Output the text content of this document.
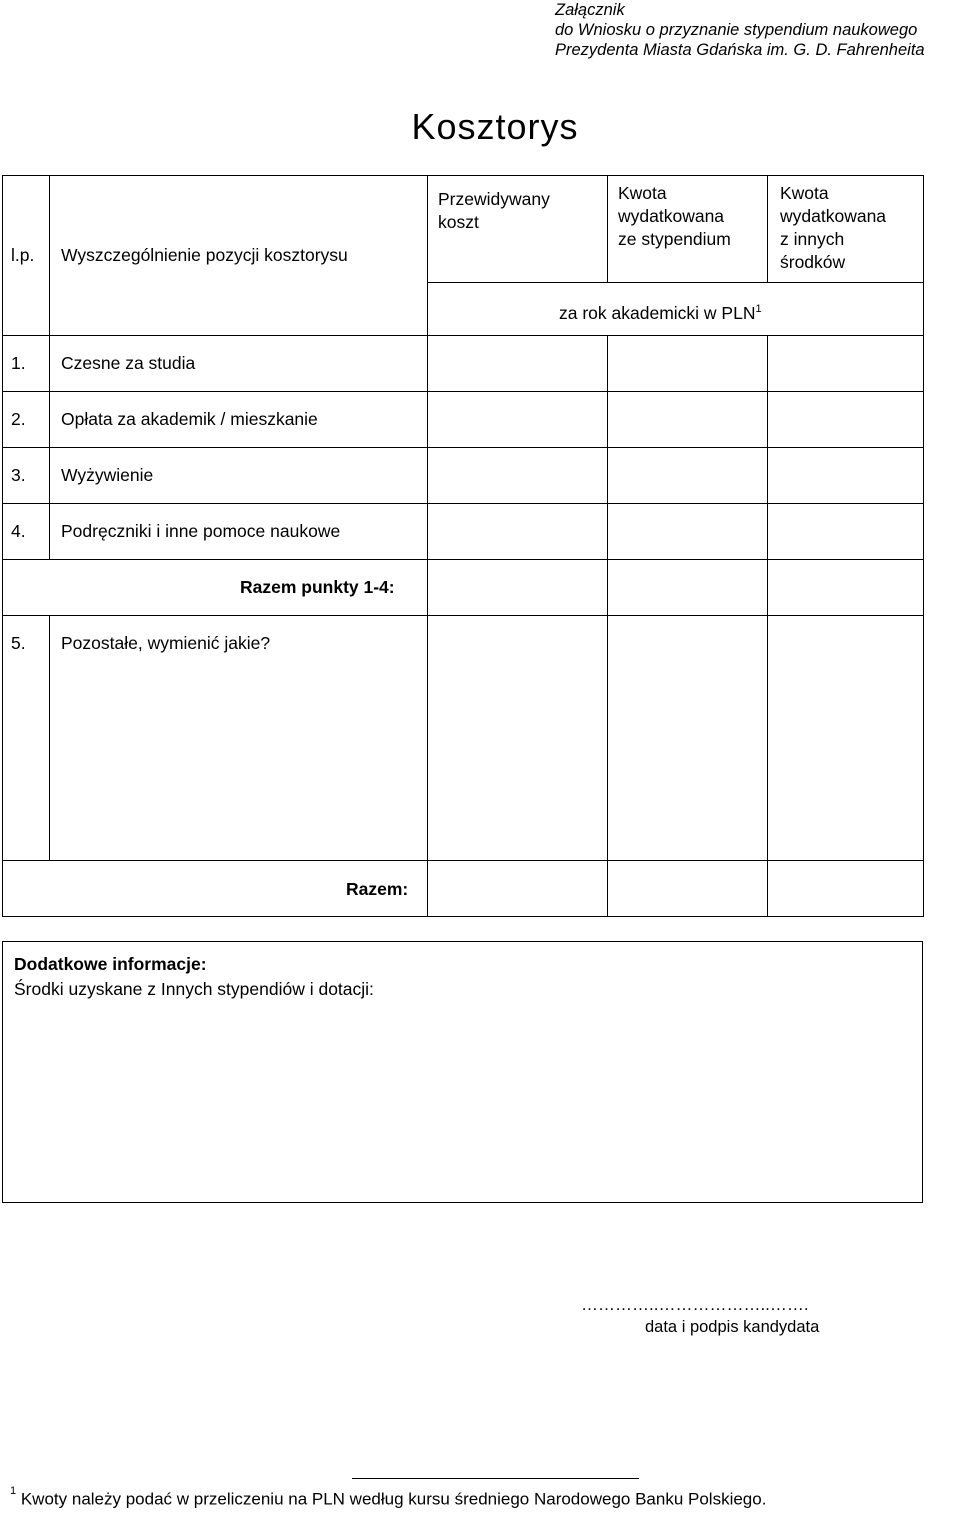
Załącznik
do Wniosku o przyznanie stypendium naukowego
Prezydenta Miasta Gdańska im. G. D. Fahrenheita
Kosztorys
l.p. Wyszczególnienie pozycji kosztorysu
Przewidywany
koszt
Kwota
wydatkowana
ze stypendium
Kwota
wydatkowana
z innych
środków
za rok akademicki w PLN$^1$
1. Czesne za studia
2. Opłata za akademik / mieszkanie
3. Wyżywienie
4. Podręczniki i inne pomoce naukowe
Razem punkty 1-4:
5. Pozostałe, wymienić jakie?
Razem:
Dodatkowe informacje:
Środki uzyskane z Innych stypendiów i dotacji:
…………..………………..…….
data i podpis kandydata
$^1$ Kwoty należy podać w przeliczeniu na PLN według kursu średniego Narodowego Banku Polskiego.
